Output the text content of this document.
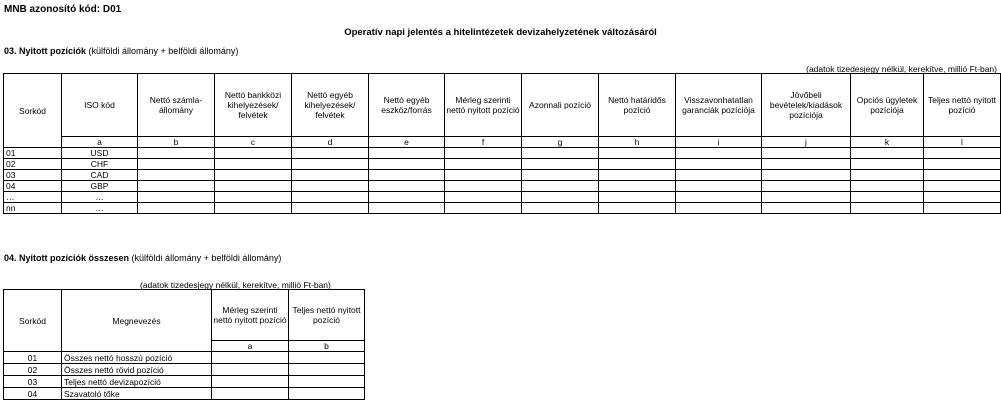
MNB azonosító kód: D01
Operatív napi jelentés a hitelintézetek devizahelyzetének változásáról
03. Nyitott pozíciók (külföldi állomány + belföldi állomány)
(adatok tizedesjegy nélkül, kerekítve, millió Ft-ban)
Sorkód	ISO kód	Nettó számla-állomány	Nettó bankközi kihelyezések/ felvétek	Nettó egyéb kihelyezések/ felvétek	Nettó egyéb eszköz/forrás	Mérleg szerinti nettó nyitott pozíció	Azonnali pozíció	Nettó határidős pozíció	Visszavonhatatlan garanciák pozíciója	Jövőbeli bevételek/kiadások pozíciója	Opciós ügyletek pozíciója	Teljes nettó nyitott pozíció
	a	b	c	d	e	f	g	h	i	j	k	l
01	USD											
02	CHF											
03	CAD											
04	GBP											
…	…											
nn	…											
04. Nyitott pozíciók összesen (külföldi állomány + belföldi állomány)
(adatok tizedesjegy nélkül, kerekítve, millió Ft-ban)
Sorkód	Megnevezés	Mérleg szerinti nettó nyitott pozíció	Teljes nettó nyitott pozíció
		a	b
01	Összes nettó hosszú pozíció		
02	Összes nettó rövid pozíció		
03	Teljes nettó devizapozíció		
04	Szavatoló tőke		
